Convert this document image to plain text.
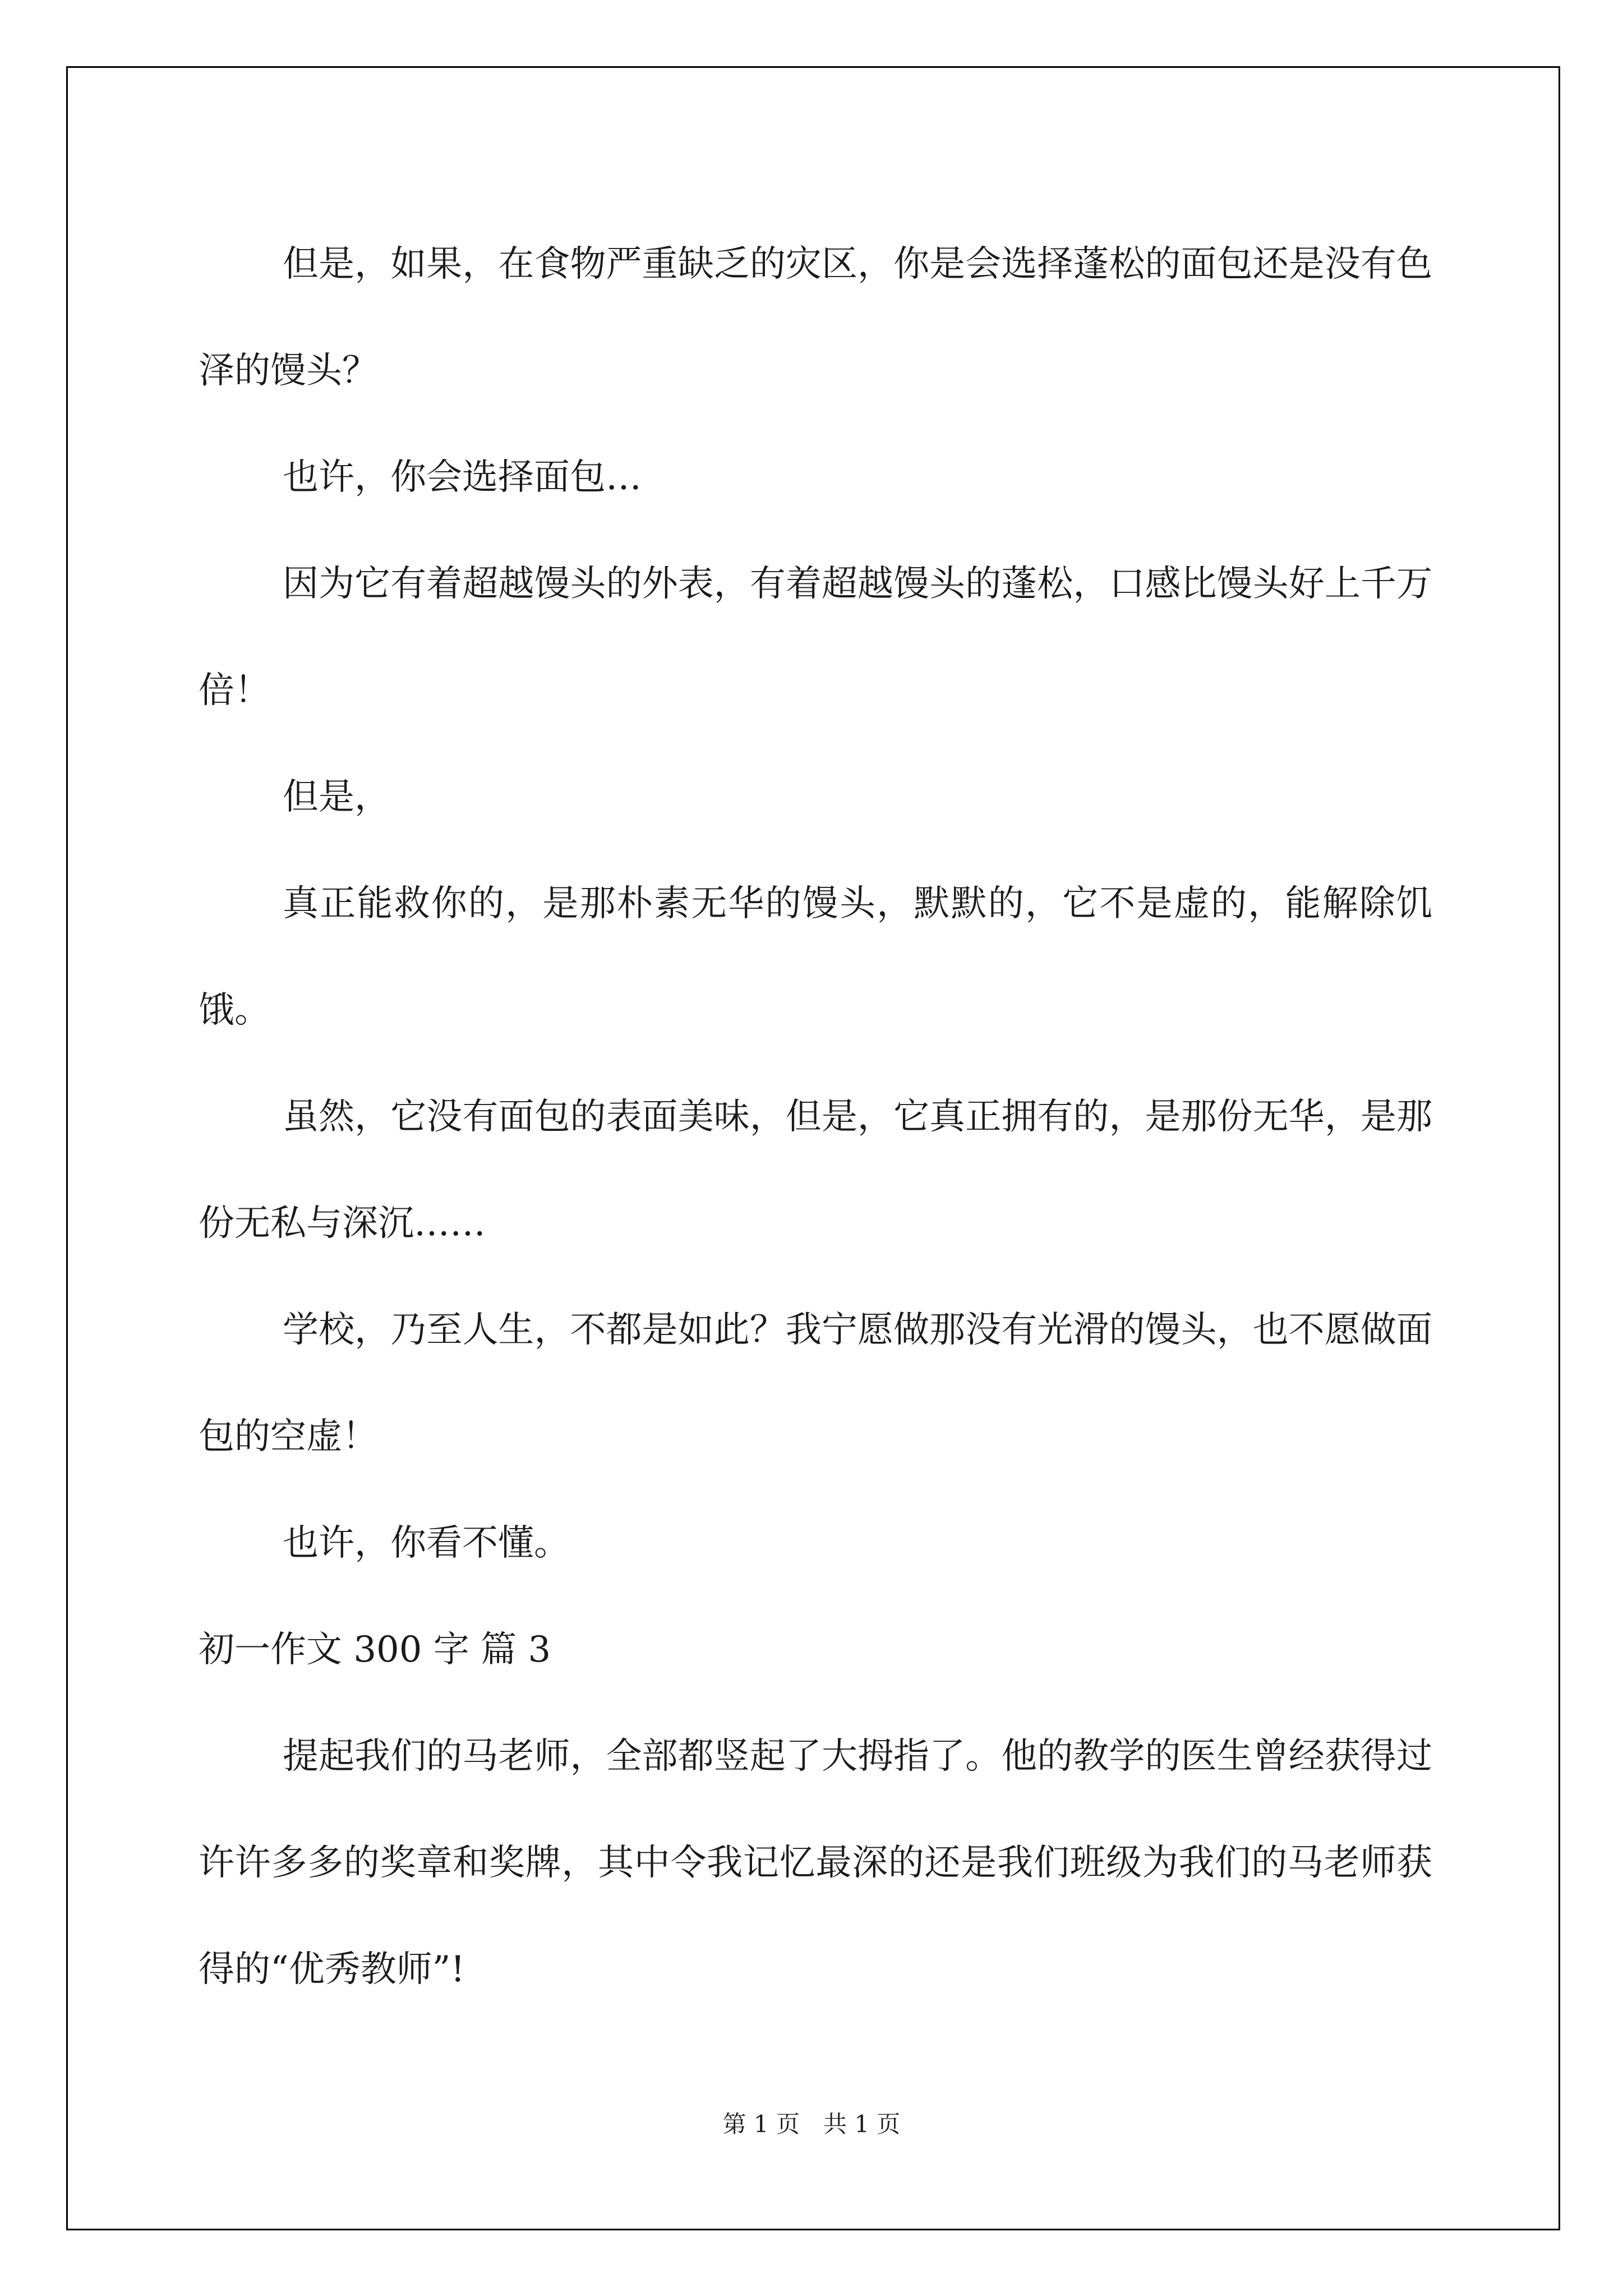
但是，如果，在食物严重缺乏的灾区，你是会选择蓬松的面包还是没有色泽的馒头？

也许，你会选择面包…

因为它有着超越馒头的外表，有着超越馒头的蓬松，口感比馒头好上千万倍！

但是，

真正能救你的，是那朴素无华的馒头，默默的，它不是虚的，能解除饥饿。

虽然，它没有面包的表面美味，但是，它真正拥有的，是那份无华，是那份无私与深沉……

学校，乃至人生，不都是如此？我宁愿做那没有光滑的馒头，也不愿做面包的空虚！

也许，你看不懂。

初一作文 300 字 篇 3

提起我们的马老师，全部都竖起了大拇指了。他的教学的医生曾经获得过许许多多的奖章和奖牌，其中令我记忆最深的还是我们班级为我们的马老师获得的“优秀教师”!

第 1 页 共 1 页
